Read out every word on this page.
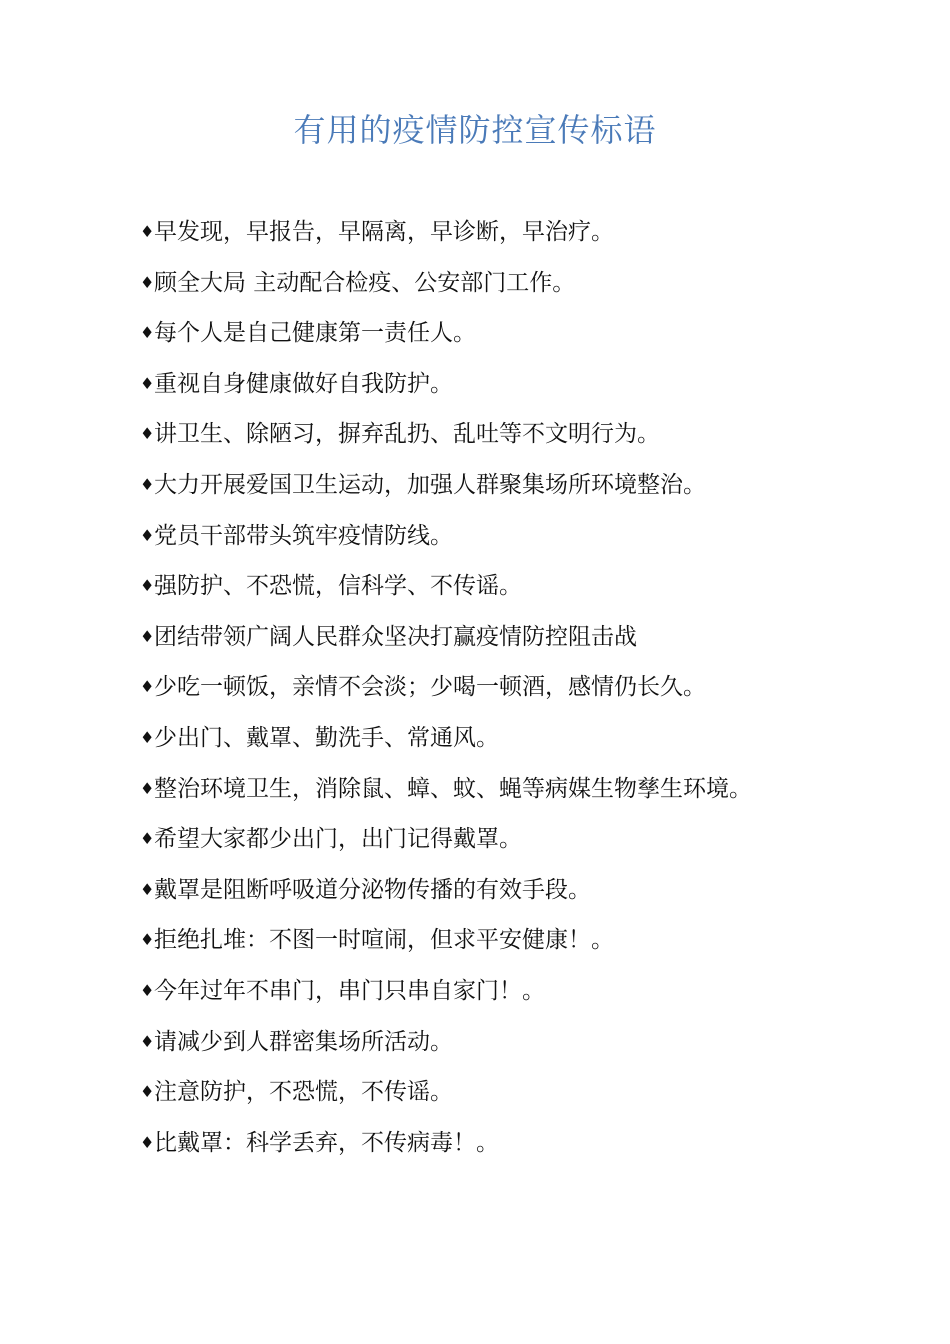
有用的疫情防控宣传标语
♦ 早发现，早报告，早隔离，早诊断，早治疗。
♦ 顾全大局 主动配合检疫、公安部门工作。
♦ 每个人是自己健康第一责任人。
♦ 重视自身健康做好自我防护。
♦ 讲卫生、除陋习，摒弃乱扔、乱吐等不文明行为。
♦ 大力开展爱国卫生运动，加强人群聚集场所环境整治。
♦ 党员干部带头筑牢疫情防线。
♦ 强防护、不恐慌，信科学、不传谣。
♦ 团结带领广阔人民群众坚决打赢疫情防控阻击战
♦ 少吃一顿饭，亲情不会淡；少喝一顿酒，感情仍长久。
♦ 少出门、戴罩、勤洗手、常通风。
♦ 整治环境卫生，消除鼠、蟑、蚊、蝇等病媒生物孳生环境。
♦ 希望大家都少出门，出门记得戴罩。
♦ 戴罩是阻断呼吸道分泌物传播的有效手段。
♦ 拒绝扎堆：不图一时喧闹，但求平安健康！。
♦ 今年过年不串门，串门只串自家门！。
♦ 请减少到人群密集场所活动。
♦ 注意防护，不恐慌，不传谣。
♦ 比戴罩：科学丢弃，不传病毒！。
